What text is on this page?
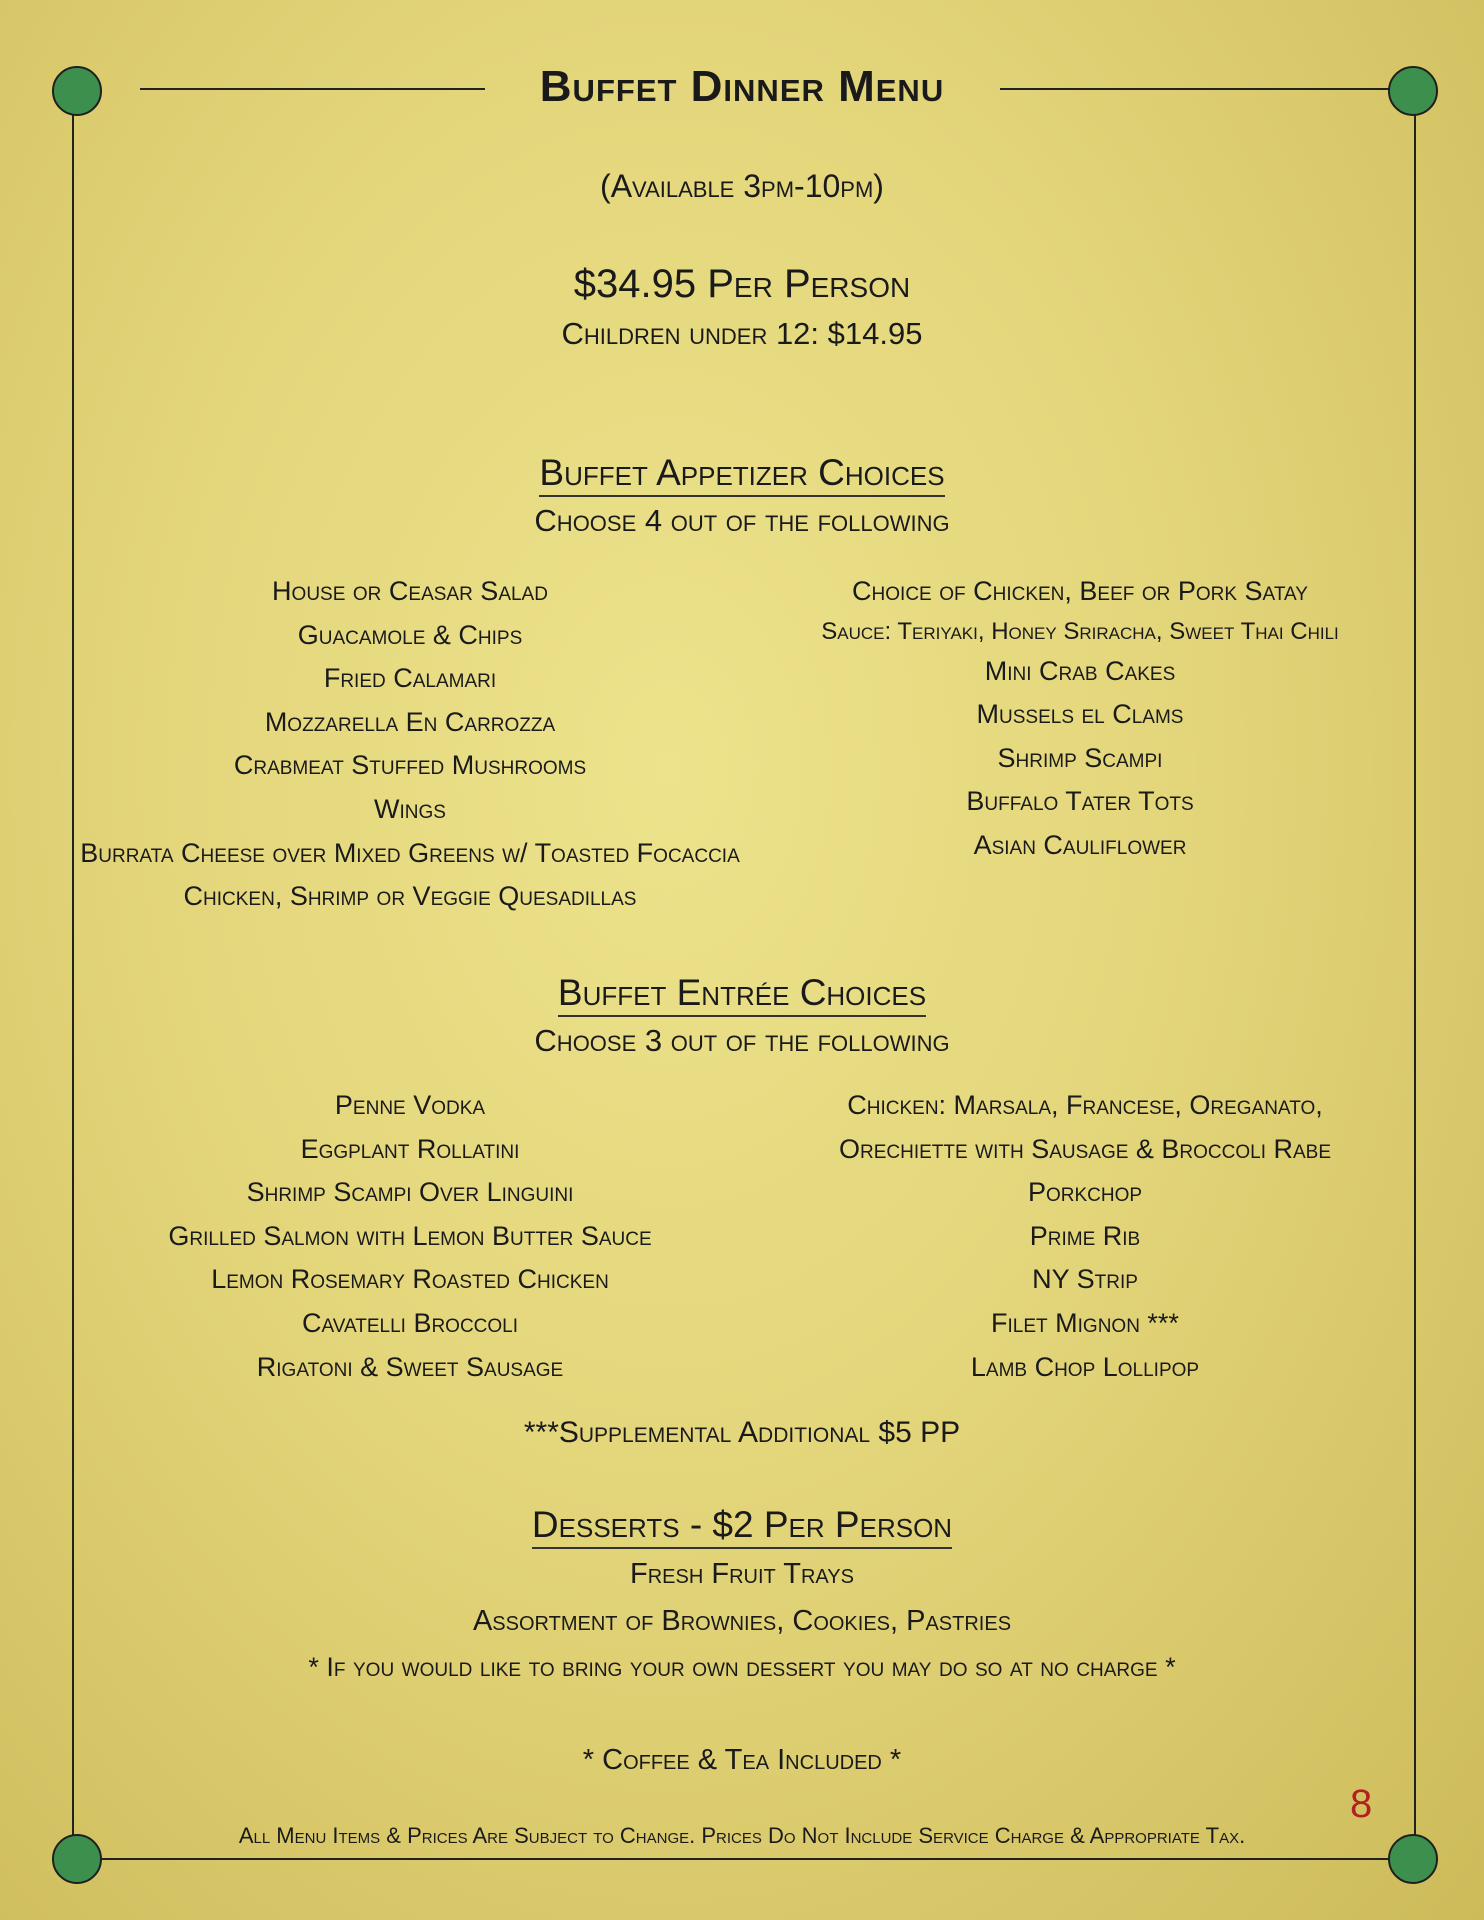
Buffet Dinner Menu
(Available 3pm-10pm)
$34.95 Per Person
Children under 12: $14.95
Buffet Appetizer Choices
Choose 4 out of the following
House or Ceasar Salad
Guacamole & Chips
Fried Calamari
Mozzarella En Carrozza
Crabmeat Stuffed Mushrooms
Wings
Burrata Cheese over Mixed Greens w/ Toasted Focaccia
Chicken, Shrimp or Veggie Quesadillas
Choice of Chicken, Beef or Pork Satay
Sauce: Teriyaki, Honey Sriracha, Sweet Thai Chili
Mini Crab Cakes
Mussels el Clams
Shrimp Scampi
Buffalo Tater Tots
Asian Cauliflower
Buffet Entrée Choices
Choose 3 out of the following
Penne Vodka
Eggplant Rollatini
Shrimp Scampi Over Linguini
Grilled Salmon with Lemon Butter Sauce
Lemon Rosemary Roasted Chicken
Cavatelli Broccoli
Rigatoni & Sweet Sausage
Chicken: Marsala, Francese, Oreganato,
Orechiette with Sausage & Broccoli Rabe
Porkchop
Prime Rib
NY Strip
Filet Mignon ***
Lamb Chop Lollipop
***Supplemental Additional $5 PP
Desserts - $2 Per Person
Fresh Fruit Trays
Assortment of Brownies, Cookies, Pastries
* If you would like to bring your own dessert you may do so at no charge *
* Coffee & Tea Included *
All Menu Items & Prices Are Subject to Change. Prices Do Not Include Service Charge & Appropriate Tax.
8
